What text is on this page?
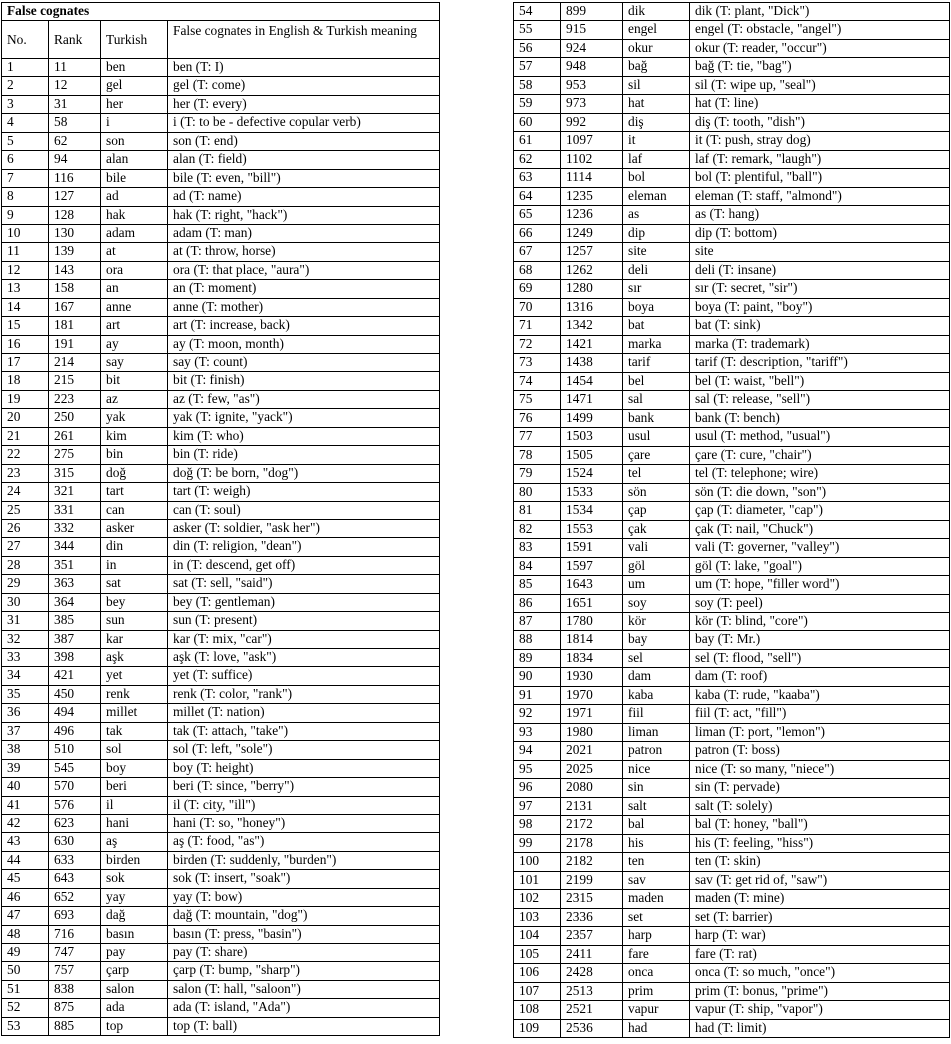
False cognates			
No.	Rank	Turkish	False cognates in English & Turkish meaning
1	11	ben	ben (T: I)
2	12	gel	gel (T: come)
3	31	her	her (T: every)
4	58	i	i (T: to be - defective copular verb)
5	62	son	son (T: end)
6	94	alan	alan (T: field)
7	116	bile	bile (T: even, "bill")
8	127	ad	ad (T: name)
9	128	hak	hak (T: right, "hack")
10	130	adam	adam (T: man)
11	139	at	at (T: throw, horse)
12	143	ora	ora (T: that place, "aura")
13	158	an	an (T: moment)
14	167	anne	anne (T: mother)
15	181	art	art (T: increase, back)
16	191	ay	ay (T: moon, month)
17	214	say	say (T: count)
18	215	bit	bit (T: finish)
19	223	az	az (T: few, "as")
20	250	yak	yak (T: ignite, "yack")
21	261	kim	kim (T: who)
22	275	bin	bin (T: ride)
23	315	doğ	doğ (T: be born, "dog")
24	321	tart	tart (T: weigh)
25	331	can	can (T: soul)
26	332	asker	asker (T: soldier, "ask her")
27	344	din	din (T: religion, "dean")
28	351	in	in (T: descend, get off)
29	363	sat	sat (T: sell, "said")
30	364	bey	bey (T: gentleman)
31	385	sun	sun (T: present)
32	387	kar	kar (T: mix, "car")
33	398	aşk	aşk (T: love, "ask")
34	421	yet	yet (T: suffice)
35	450	renk	renk (T: color, "rank")
36	494	millet	millet (T: nation)
37	496	tak	tak (T: attach, "take")
38	510	sol	sol (T: left, "sole")
39	545	boy	boy (T: height)
40	570	beri	beri (T: since, "berry")
41	576	il	il (T: city, "ill")
42	623	hani	hani (T: so, "honey")
43	630	aş	aş (T: food, "as")
44	633	birden	birden (T: suddenly, "burden")
45	643	sok	sok (T: insert, "soak")
46	652	yay	yay (T: bow)
47	693	dağ	dağ (T: mountain, "dog")
48	716	basın	basın (T: press, "basin")
49	747	pay	pay (T: share)
50	757	çarp	çarp (T: bump, "sharp")
51	838	salon	salon (T: hall, "saloon")
52	875	ada	ada (T: island, "Ada")
53	885	top	top (T: ball)
54	899	dik	dik (T: plant, "Dick")
55	915	engel	engel (T: obstacle, "angel")
56	924	okur	okur (T: reader, "occur")
57	948	bağ	bağ (T: tie, "bag")
58	953	sil	sil (T: wipe up, "seal")
59	973	hat	hat (T: line)
60	992	diş	diş (T: tooth, "dish")
61	1097	it	it (T: push, stray dog)
62	1102	laf	laf (T: remark, "laugh")
63	1114	bol	bol (T: plentiful, "ball")
64	1235	eleman	eleman (T: staff, "almond")
65	1236	as	as (T: hang)
66	1249	dip	dip (T: bottom)
67	1257	site	site
68	1262	deli	deli (T: insane)
69	1280	sır	sır (T: secret, "sir")
70	1316	boya	boya (T: paint, "boy")
71	1342	bat	bat (T: sink)
72	1421	marka	marka (T: trademark)
73	1438	tarif	tarif (T: description, "tariff")
74	1454	bel	bel (T: waist, "bell")
75	1471	sal	sal (T: release, "sell")
76	1499	bank	bank (T: bench)
77	1503	usul	usul (T: method, "usual")
78	1505	çare	çare (T: cure, "chair")
79	1524	tel	tel (T: telephone; wire)
80	1533	sön	sön (T: die down, "son")
81	1534	çap	çap (T: diameter, "cap")
82	1553	çak	çak (T: nail, "Chuck")
83	1591	vali	vali (T: governer, "valley")
84	1597	göl	göl (T: lake, "goal")
85	1643	um	um (T: hope, "filler word")
86	1651	soy	soy (T: peel)
87	1780	kör	kör (T: blind, "core")
88	1814	bay	bay (T: Mr.)
89	1834	sel	sel (T: flood, "sell")
90	1930	dam	dam (T: roof)
91	1970	kaba	kaba (T: rude, "kaaba")
92	1971	fiil	fiil (T: act, "fill")
93	1980	liman	liman (T: port, "lemon")
94	2021	patron	patron (T: boss)
95	2025	nice	nice (T: so many, "niece")
96	2080	sin	sin (T: pervade)
97	2131	salt	salt (T: solely)
98	2172	bal	bal (T: honey, "ball")
99	2178	his	his (T: feeling, "hiss")
100	2182	ten	ten (T: skin)
101	2199	sav	sav (T: get rid of, "saw")
102	2315	maden	maden (T: mine)
103	2336	set	set (T: barrier)
104	2357	harp	harp (T: war)
105	2411	fare	fare (T: rat)
106	2428	onca	onca (T: so much, "once")
107	2513	prim	prim (T: bonus, "prime")
108	2521	vapur	vapur (T: ship, "vapor")
109	2536	had	had (T: limit)
